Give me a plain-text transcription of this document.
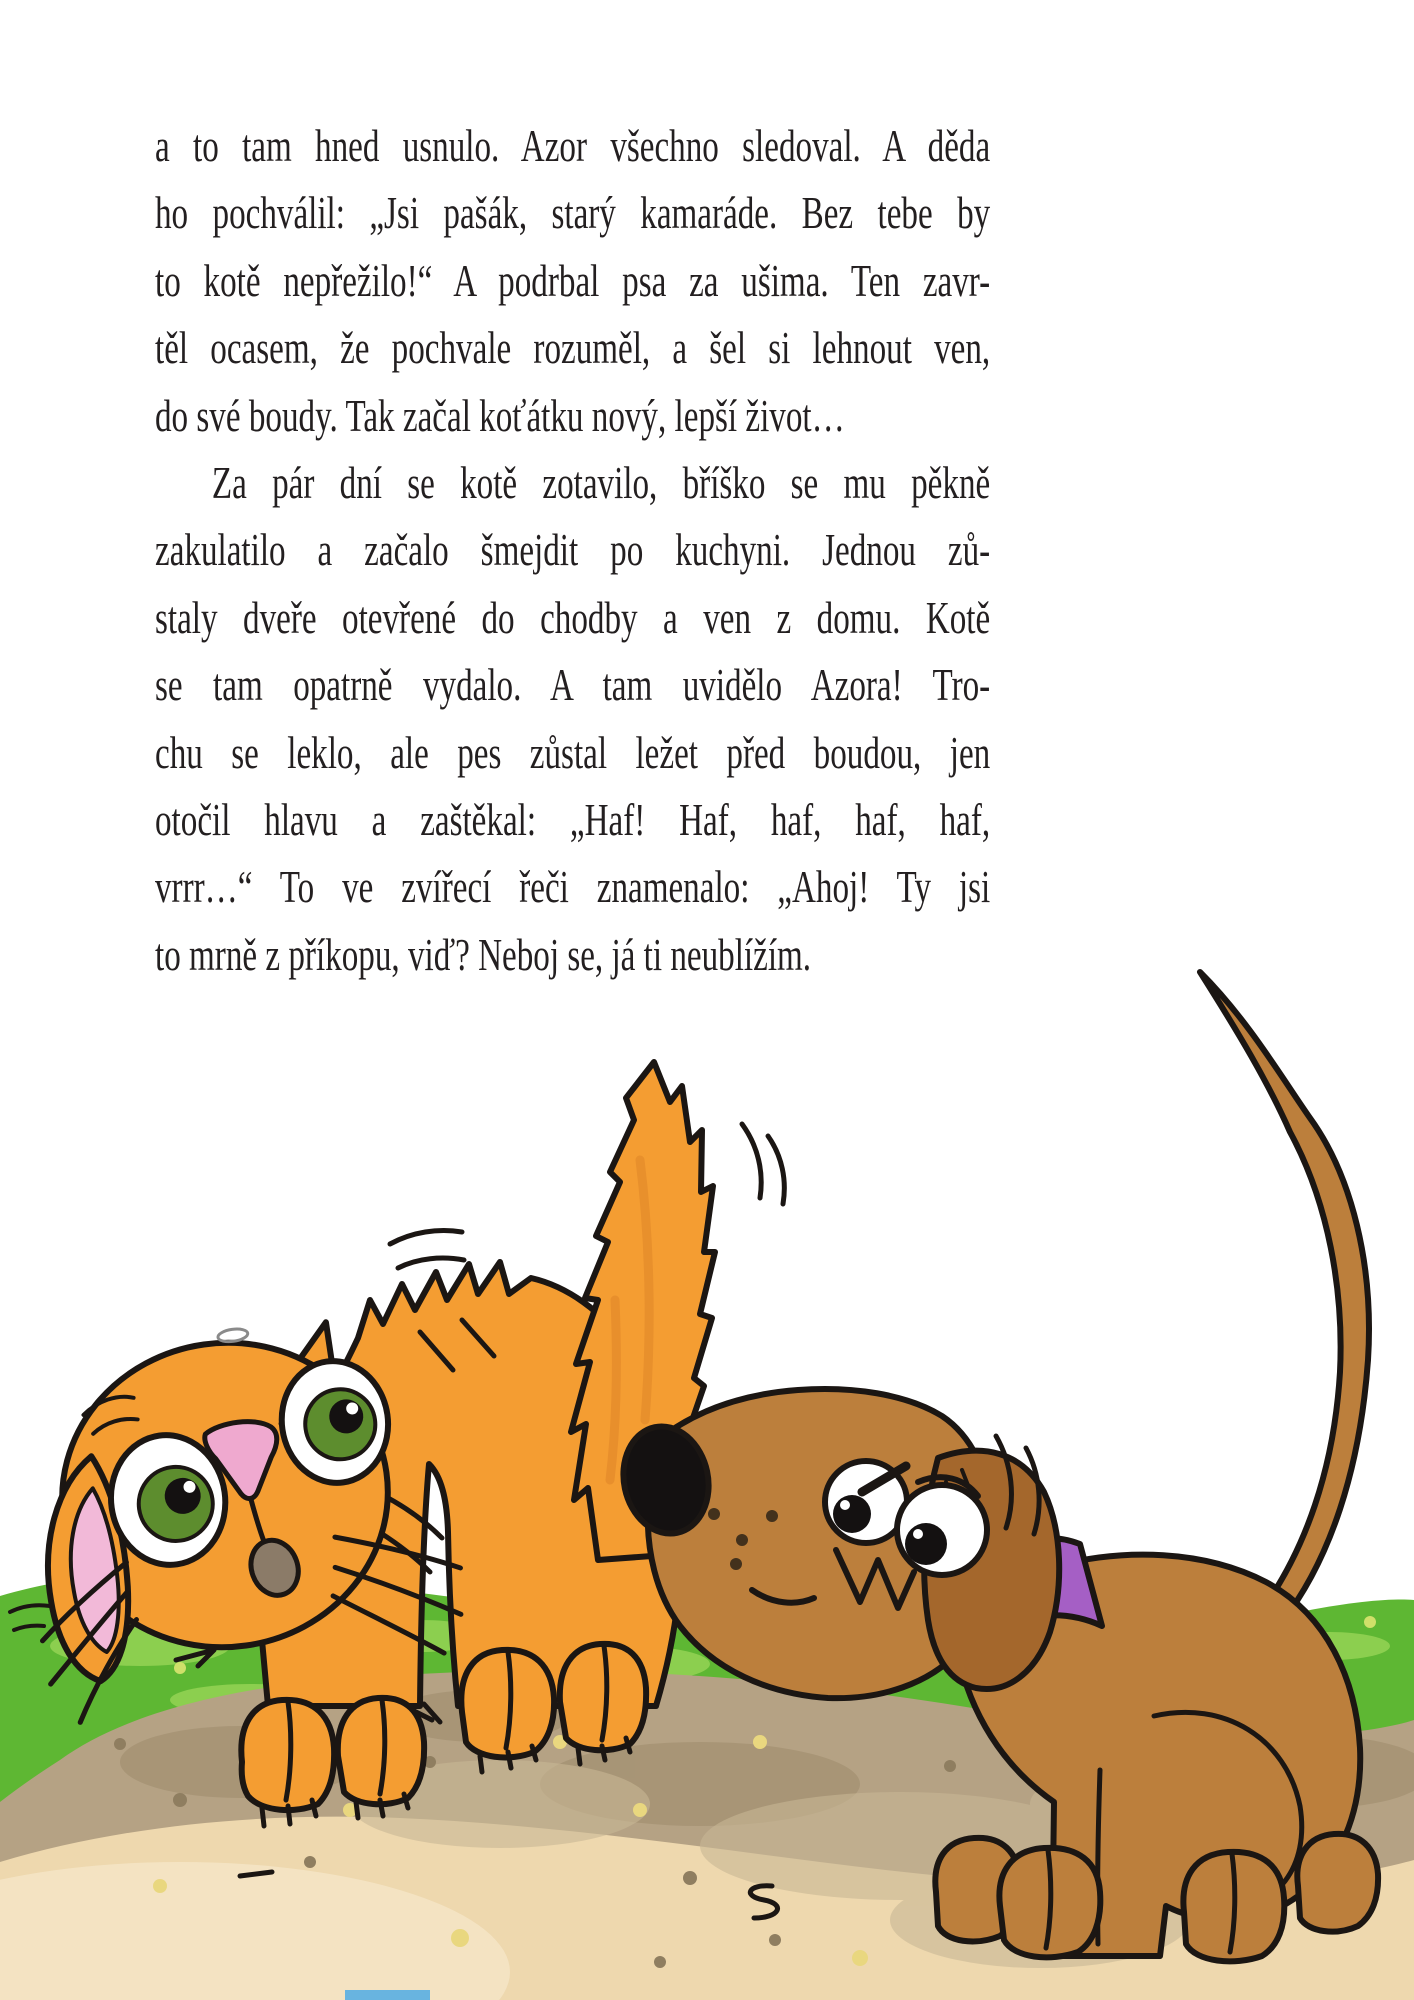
a to tam hned usnulo. Azor všechno sledoval. A děda
ho pochválil: „Jsi pašák, starý kamaráde. Bez tebe by
to kotě nepřežilo!“ A podrbal psa za ušima. Ten zavr-
těl ocasem, že pochvale rozuměl, a šel si lehnout ven,
do své boudy. Tak začal koťátku nový, lepší život…
Za pár dní se kotě zotavilo, bříško se mu pěkně
zakulatilo a začalo šmejdit po kuchyni. Jednou zů-
staly dveře otevřené do chodby a ven z domu. Kotě
se tam opatrně vydalo. A tam uvidělo Azora! Tro-
chu se leklo, ale pes zůstal ležet před boudou, jen
otočil hlavu a zaštěkal: „Haf! Haf, haf, haf, haf,
vrrr…“ To ve zvířecí řeči znamenalo: „Ahoj! Ty jsi
to mrně z příkopu, viď? Neboj se, já ti neublížím.
